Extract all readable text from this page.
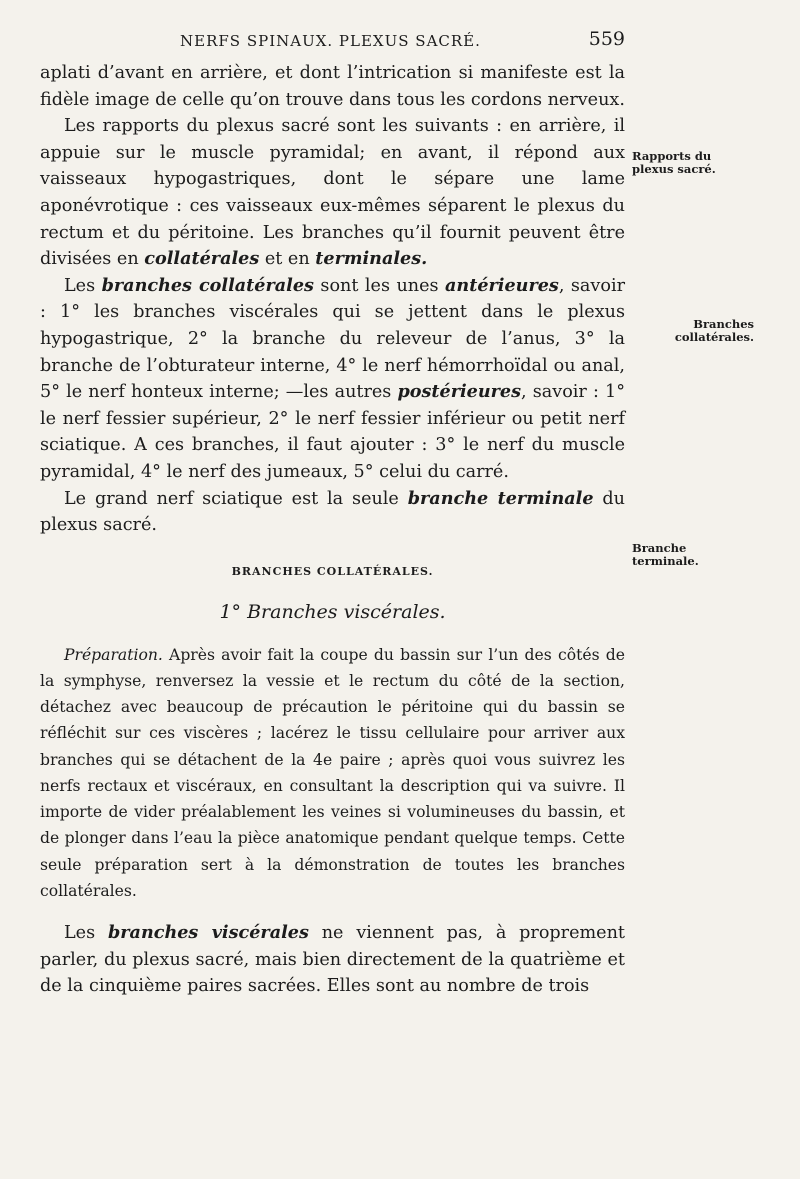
NERFS SPINAUX. PLEXUS SACRÉ.	559

aplati d’avant en arrière, et dont l’intrication si manifeste est la fidèle image de celle qu’on trouve dans tous les cordons nerveux.

Les rapports du plexus sacré sont les suivants : en arrière, il appuie sur le muscle pyramidal; en avant, il répond aux vaisseaux hypogastriques, dont le sépare une lame aponévrotique : ces vaisseaux eux-mêmes séparent le plexus du rectum et du péritoine. Les branches qu’il fournit peuvent être divisées en collatérales et en terminales.

Les branches collatérales sont les unes antérieures, savoir : 1° les branches viscérales qui se jettent dans le plexus hypogastrique, 2° la branche du releveur de l’anus, 3° la branche de l’obturateur interne, 4° le nerf hémorrhoïdal ou anal, 5° le nerf honteux interne; —les autres postérieures, savoir : 1° le nerf fessier supérieur, 2° le nerf fessier inférieur ou petit nerf sciatique. A ces branches, il faut ajouter : 3° le nerf du muscle pyramidal, 4° le nerf des jumeaux, 5° celui du carré.

Le grand nerf sciatique est la seule branche terminale du plexus sacré.

BRANCHES COLLATÉRALES.
1° Branches viscérales.

Préparation. Après avoir fait la coupe du bassin sur l’un des côtés de la symphyse, renversez la vessie et le rectum du côté de la section, détachez avec beaucoup de précaution le péritoine qui du bassin se réfléchit sur ces viscères ; lacérez le tissu cellulaire pour arriver aux branches qui se détachent de la 4e paire ; après quoi vous suivrez les nerfs rectaux et viscéraux, en consultant la description qui va suivre. Il importe de vider préalablement les veines si volumineuses du bassin, et de plonger dans l’eau la pièce anatomique pendant quelque temps. Cette seule préparation sert à la démonstration de toutes les branches collatérales.

Les branches viscérales ne viennent pas, à proprement parler, du plexus sacré, mais bien directement de la quatrième et de la cinquième paires sacrées. Elles sont au nombre de trois

Rapports du plexus sacré.
Branches collatérales.
Branche terminale.
